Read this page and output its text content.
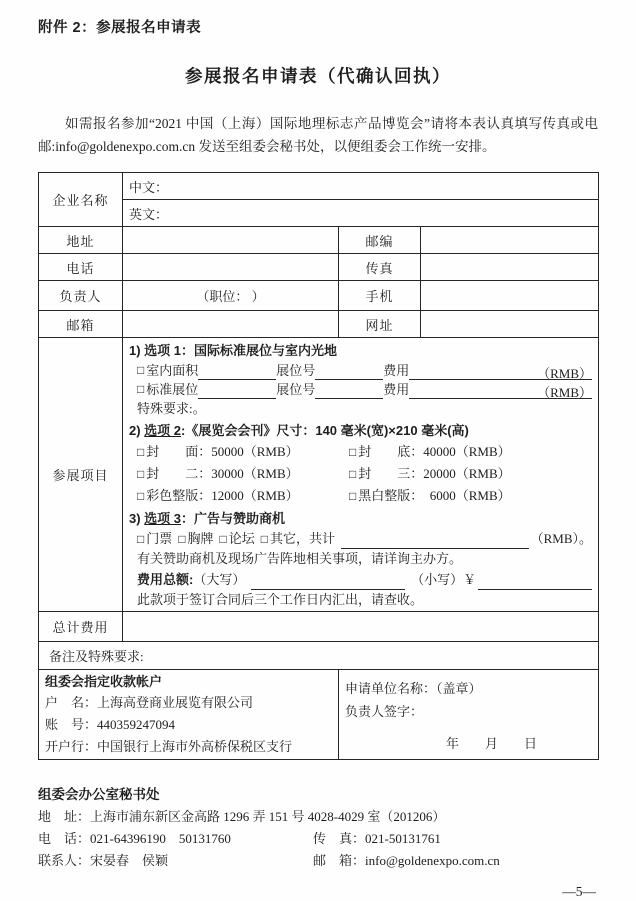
附件 2：参展报名申请表
参展报名申请表（代确认回执）

如需报名参加“2021 中国（上海）国际地理标志产品博览会”请将本表认真填写传真或电邮:info@goldenexpo.com.cn 发送至组委会秘书处，以便组委会工作统一安排。

企业名称	中文：		
	英文：		
地址		邮编	
电话		传真	
负责人	（职位： ）	手机	
邮箱		网址	
参展项目	
1) 选项 1：国际标准展位与室内光地
□ 室内面积	展位号	费用	（RMB）
□ 标准展位	展位号	费用	（RMB）
特殊要求:。
2) 选项 2:《展览会会刊》尺寸：140 毫米(宽)×210 毫米(高)
□ 封　　面：50000（RMB）	□ 封　　底：40000（RMB）
□ 封　　二：30000（RMB）	□ 封　　三：20000（RMB）
□ 彩色整版：12000（RMB）	□ 黑白整版：　6000（RMB）
3) 选项 3：广告与赞助商机
□ 门票 □ 胸牌 □ 论坛 □ 其它，共计	（RMB）。
有关赞助商机及现场广告阵地相关事项，请详询主办方。
费用总额: （大写）	（小写）￥
此款项于签订合同后三个工作日内汇出，请查收。

总计费用			
备注及特殊要求:			

组委会指定收款帐户
户　名：上海高登商业展览有限公司
账　号：440359247094
开户行：中国银行上海市外高桥保税区支行

申请单位名称：（盖章）
负责人签字：
年　　月　　日
组委会办公室秘书处
地　址：上海市浦东新区金高路 1296 弄 151 号 4028-4029 室（201206）
电　话：021-64396190　50131760	传　真：021-50131761
联系人：宋晏春　侯颖	邮　箱：info@goldenexpo.com.cn
—5—
